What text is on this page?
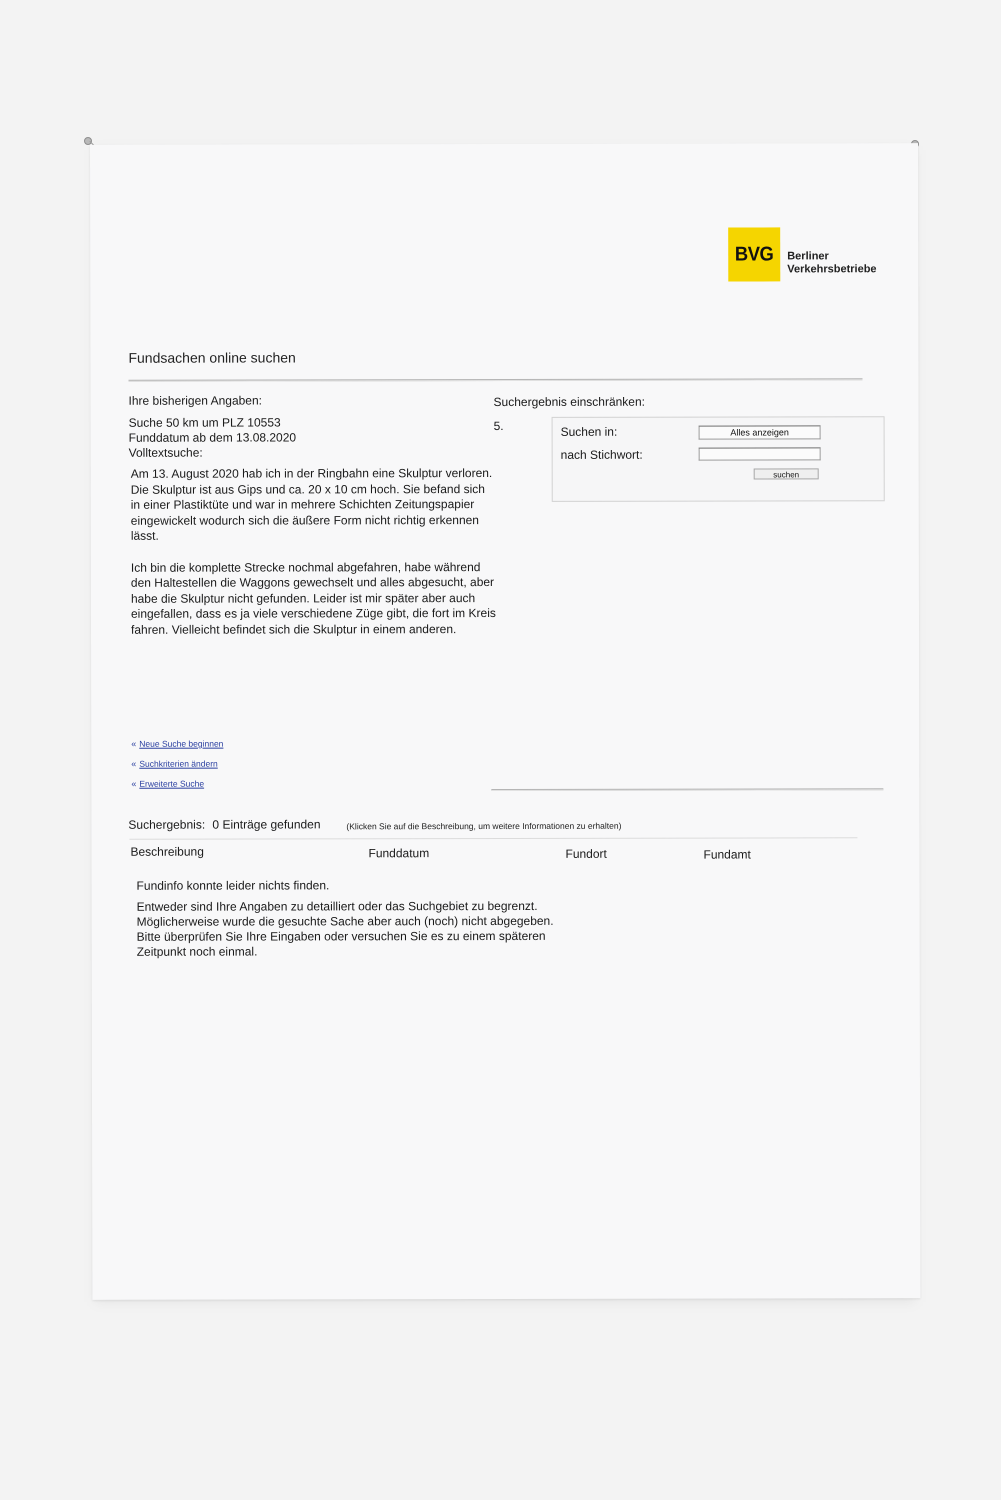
BVG Berliner
Verkehrsbetriebe
Fundsachen online suchen
Ihre bisherigen Angaben:
Suche 50 km um PLZ 10553
Funddatum ab dem 13.08.2020
Volltextsuche:

Am 13. August 2020 hab ich in der Ringbahn eine Skulptur verloren. Die Skulptur ist aus Gips und ca. 20 x 10 cm hoch. Sie befand sich in einer Plastiktüte und war in mehrere Schichten Zeitungspapier eingewickelt wodurch sich die äußere Form nicht richtig erkennen lässt.

Ich bin die komplette Strecke nochmal abgefahren, habe während den Haltestellen die Waggons gewechselt und alles abgesucht, aber habe die Skulptur nicht gefunden. Leider ist mir später aber auch eingefallen, dass es ja viele verschiedene Züge gibt, die fort im Kreis fahren. Vielleicht befindet sich die Skulptur in einem anderen.

Suchergebnis einschränken:
5.	Suchen in:	Alles anzeigen
nach Stichwort:
suchen
« Neue Suche beginnen
« Suchkriterien ändern
« Erweiterte Suche
Suchergebnis: 0 Einträge gefunden	(Klicken Sie auf die Beschreibung, um weitere Informationen zu erhalten)
Beschreibung	Funddatum	Fundort	Fundamt
Fundinfo konnte leider nichts finden.
Entweder sind Ihre Angaben zu detailliert oder das Suchgebiet zu begrenzt.
Möglicherweise wurde die gesuchte Sache aber auch (noch) nicht abgegeben.
Bitte überprüfen Sie Ihre Eingaben oder versuchen Sie es zu einem späteren
Zeitpunkt noch einmal.
